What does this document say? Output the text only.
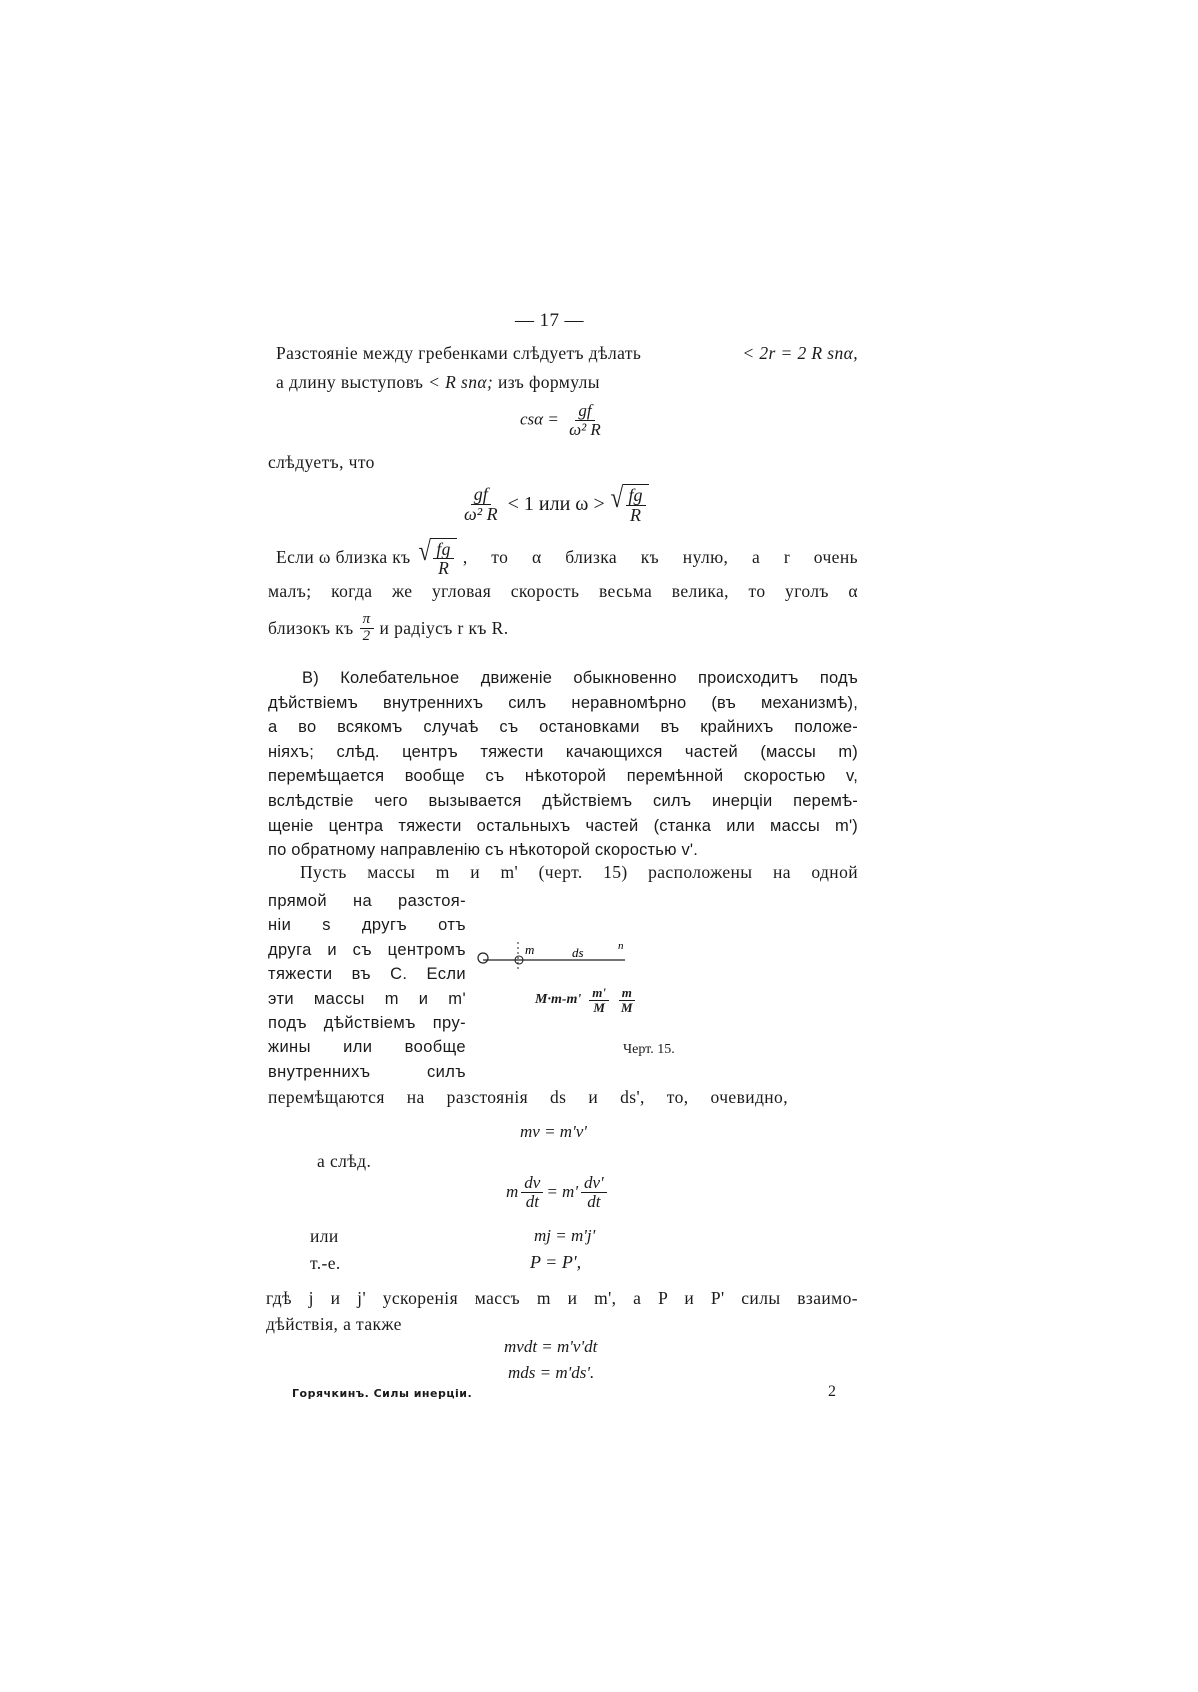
— 17 —
Разстояніе между гребенками слѣдуетъ дѣлать	< 2r = 2 R snα,
а длину выступовъ < R snα; изъ формулы
$cs\alpha = \frac{gf}{\text{ω² R}}$
слѣдуетъ, что
$\frac{gf}{\text{ω² R}} < 1$ или ω > √ $\frac{fg}{R}$
Если ω близка къ √ $\frac{fg}{R}$ , то α близка къ нулю, а r очень
малъ; когда же угловая скорость весьма велика, то уголъ α
близокъ къ $\frac{\pi}{2}$ и радіусъ r къ R.
B) Колебательное движеніе обыкновенно происходитъ подъ
дѣйствіемъ внутреннихъ силъ неравномѣрно (въ механизмѣ),
а во всякомъ случаѣ съ остановками въ крайнихъ положе-
ніяхъ; слѣд. центръ тяжести качающихся частей (массы m)
перемѣщается вообще съ нѣкоторой перемѣнной скоростью v,
вслѣдствіе чего вызывается дѣйствіемъ силъ инерціи перемѣ-
щеніе центра тяжести остальныхъ частей (станка или массы m')
по обратному направленію съ нѣкоторой скоростью v'.
Пусть массы m и m' (черт. 15) расположены на одной
прямой на разстоя-
ніи s другъ отъ
друга и съ центромъ
тяжести въ C. Если
эти массы m и m'
подъ дѣйствіемъ пру-
жины или вообще
внутреннихъ силъ
m	ds	n
$M\cdot m-m' \frac{m'}{M} \frac{m}{M}$
Черт. 15.
перемѣщаются на разстоянія ds и ds', то, очевидно,
mv = m'v'
а слѣд.
m $\frac{dv}{dt} = m' \frac{dv'}{dt}$
или	mj = m'j'
т.-е.	P = P',
гдѣ j и j' ускоренія массъ m и m', а P и P' силы взаимо-
дѣйствія, а также
mvdt = m'v'dt
mds = m'ds'.
Горячкинъ. Силы инерціи.	2
